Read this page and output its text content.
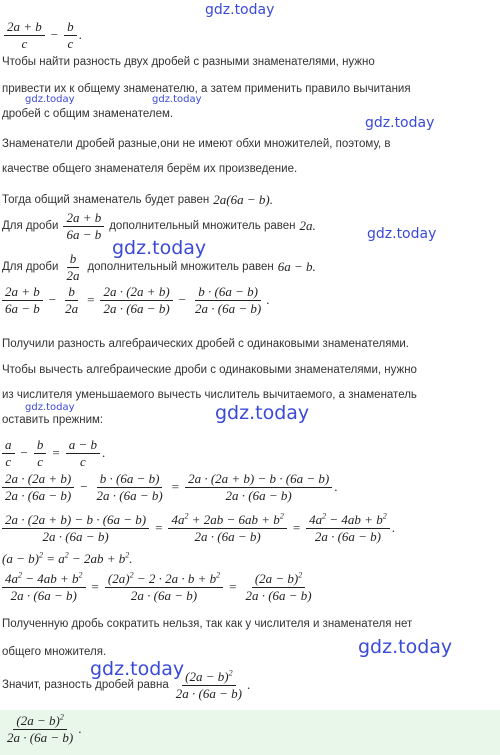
gdz.today
gdz.today	gdz.today
gdz.today
gdz.today
gdz.today
gdz.today
gdz.today
gdz.today
gdz.today
$\frac{2a + b}{c} - \frac{b}{c}$ .
Чтобы найти разность двух дробей с разными знаменателями, нужно
привести их к общему знаменателю, а затем применить правило вычитания
дробей с общим знаменателем.
Знаменатели дробей разные,они не имеют обхи множителей, поэтому, в
качестве общего знаменателя берём их произведение.
Тогда общий знаменатель будет равен 2a(6a − b).
Для дроби $\frac{2a + b}{6a - b}$ дополнительный множитель равен 2a.
Для дроби $\frac{b}{2a}$ дополнительный множитель равен 6a − b.
$\frac{2a + b}{6a - b} - \frac{b}{2a} = \frac{2a \cdot (2a + b)}{2a \cdot (6a - b)} - \frac{b \cdot (6a - b)}{2a \cdot (6a - b)}$ .
Получили разность алгебраических дробей с одинаковыми знаменателями.
Чтобы вычесть алгебраические дроби с одинаковыми знаменателями, нужно
из числителя уменьшаемого вычесть числитель вычитаемого, а знаменатель
оставить прежним:
$\frac{a}{c} - \frac{b}{c} = \frac{a - b}{c}$ .
$\frac{2a \cdot (2a + b)}{2a \cdot (6a - b)} - \frac{b \cdot (6a - b)}{2a \cdot (6a - b)} = \frac{2a \cdot (2a + b) - b \cdot (6a - b)}{2a \cdot (6a - b)}$ .
$\frac{2a \cdot (2a + b) - b \cdot (6a - b)}{2a \cdot (6a - b)} = \frac{4a^2 + 2ab - 6ab + b^2}{2a \cdot (6a - b)} = \frac{4a^2 - 4ab + b^2}{2a \cdot (6a - b)}$ .
$(a - b)^2 = a^2 - 2ab + b^2$.
$\frac{4a^2 - 4ab + b^2}{2a \cdot (6a - b)} = \frac{(2a)^2 - 2 \cdot 2a \cdot b + b^2}{2a \cdot (6a - b)} = \frac{(2a - b)^2}{2a \cdot (6a - b)}$
Полученную дробь сократить нельзя, так как у числителя и знаменателя нет
общего множителя.
Значит, разность дробей равна $\frac{(2a - b)^2}{2a \cdot (6a - b)}$ .
$\frac{(2a - b)^2}{2a \cdot (6a - b)}$ .
